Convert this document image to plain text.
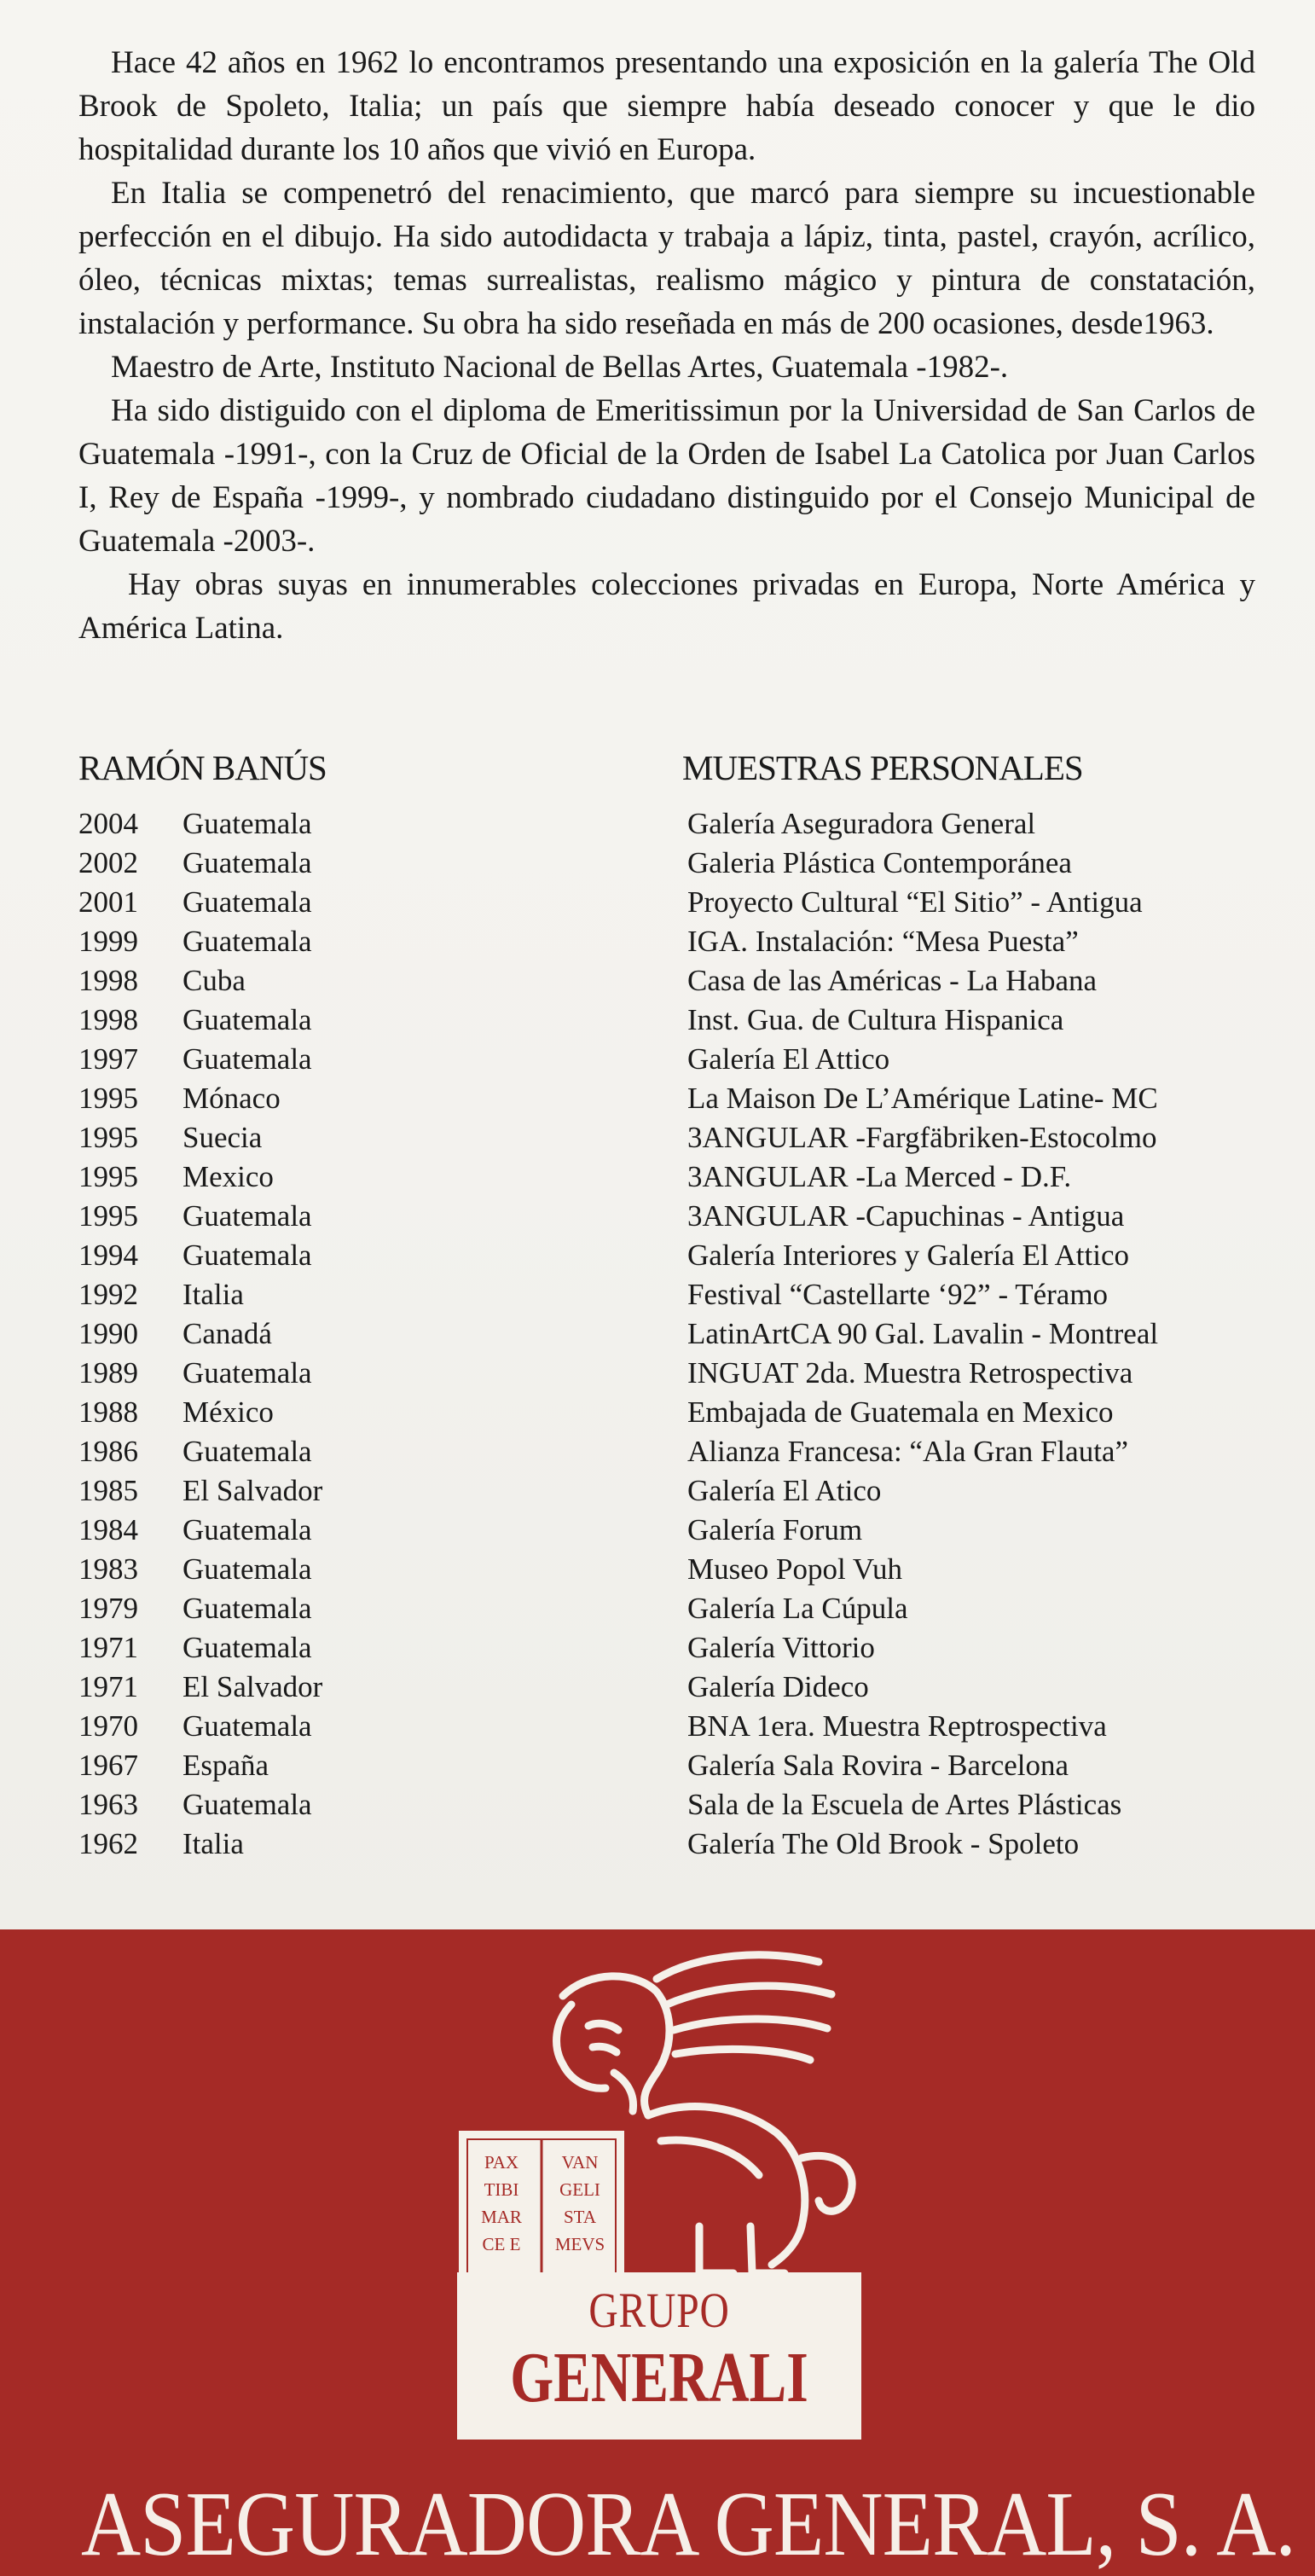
Hace 42 años en 1962 lo encontramos presentando una exposición en la galería The Old Brook de Spoleto, Italia; un país que siempre había deseado conocer y que le dio hospitalidad durante los 10 años que vivió en Europa.

En Italia se compenetró del renacimiento, que marcó para siempre su incuestionable perfección en el dibujo. Ha sido autodidacta y trabaja a lápiz, tinta, pastel, crayón, acrílico, óleo, técnicas mixtas; temas surrealistas, realismo mágico y pintura de constatación, instalación y performance. Su obra ha sido reseñada en más de 200 ocasiones, desde1963.

Maestro de Arte, Instituto Nacional de Bellas Artes, Guatemala -1982-.

Ha sido distiguido con el diploma de Emeritissimun por la Universidad de San Carlos de Guatemala -1991-, con la Cruz de Oficial de la Orden de Isabel La Catolica por Juan Carlos I, Rey de España -1999-, y nombrado ciudadano distinguido por el Consejo Municipal de Guatemala -2003-.

Hay obras suyas en innumerables colecciones privadas en Europa, Norte América y América Latina.

RAMÓN BANÚS	MUESTRAS PERSONALES
2004 Guatemala	Galería Aseguradora General
2002 Guatemala	Galeria Plástica Contemporánea
2001 Guatemala	Proyecto Cultural “El Sitio” - Antigua
1999 Guatemala	IGA. Instalación: “Mesa Puesta”
1998 Cuba	Casa de las Américas - La Habana
1998 Guatemala	Inst. Gua. de Cultura Hispanica
1997 Guatemala	Galería El Attico
1995 Mónaco	La Maison De L’Amérique Latine- MC
1995 Suecia	3ANGULAR -Fargfäbriken-Estocolmo
1995 Mexico	3ANGULAR -La Merced - D.F.
1995 Guatemala	3ANGULAR -Capuchinas - Antigua
1994 Guatemala	Galería Interiores y Galería El Attico
1992 Italia	Festival “Castellarte ‘92” - Téramo
1990 Canadá	LatinArtCA 90 Gal. Lavalin - Montreal
1989 Guatemala	INGUAT 2da. Muestra Retrospectiva
1988 México	Embajada de Guatemala en Mexico
1986 Guatemala	Alianza Francesa: “Ala Gran Flauta”
1985 El Salvador	Galería El Atico
1984 Guatemala	Galería Forum
1983 Guatemala	Museo Popol Vuh
1979 Guatemala	Galería La Cúpula
1971 Guatemala	Galería Vittorio
1971 El Salvador	Galería Dideco
1970 Guatemala	BNA 1era. Muestra Reptrospectiva
1967 España	Galería Sala Rovira - Barcelona
1963 Guatemala	Sala de la Escuela de Artes Plásticas
1962 Italia	Galería The Old Brook - Spoleto
PAX
TIBI
MAR
CE E
VAN
GELI
STA
MEVS
GRUPO
GENERALI
ASEGURADORA GENERAL, S. A.
